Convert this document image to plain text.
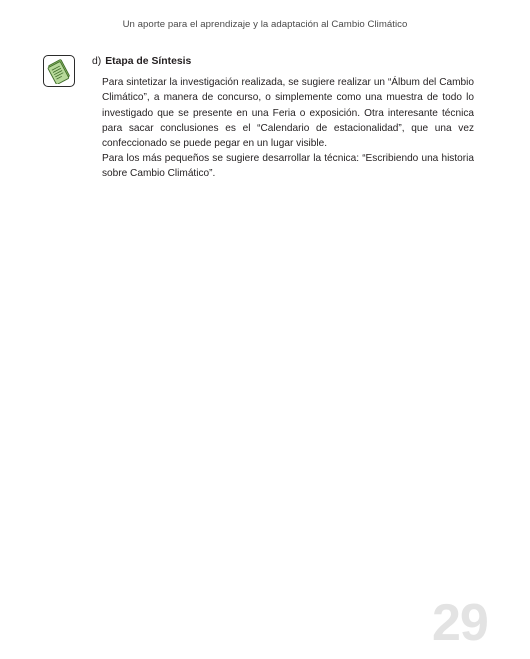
Un aporte para el aprendizaje y la adaptación al Cambio Climático
d) Etapa de Síntesis

Para sintetizar la investigación realizada, se sugiere realizar un “Álbum del Cambio Climático”, a manera de concurso, o simplemente como una muestra de todo lo investigado que se presente en una Feria o exposición. Otra interesante técnica para sacar conclusiones es el “Calendario de estacionalidad”, que una vez confeccionado se puede pegar en un lugar visible.

Para los más pequeños se sugiere desarrollar la técnica: “Escribiendo una historia sobre Cambio Climático”.

29
